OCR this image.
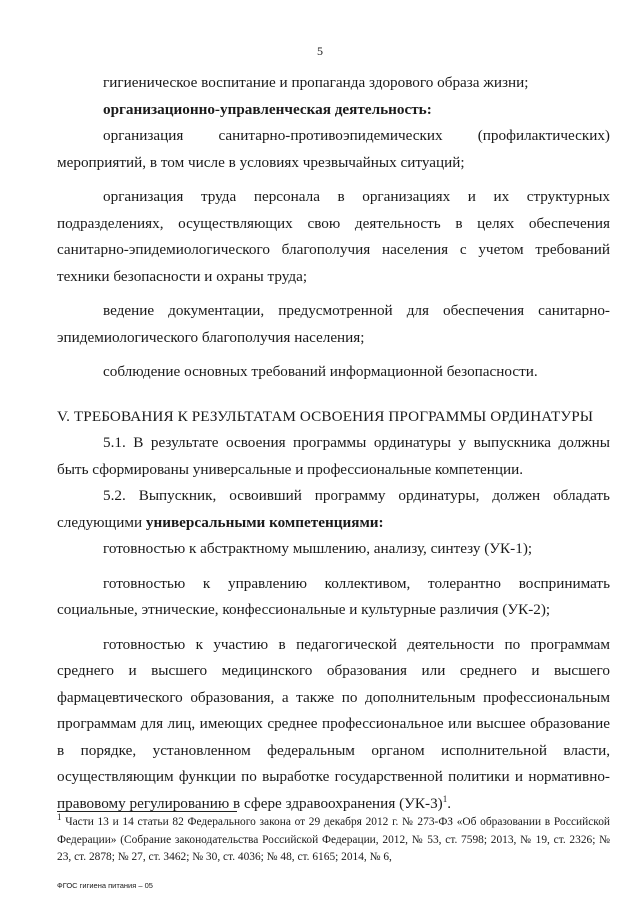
5

гигиеническое воспитание и пропаганда здорового образа жизни;

организационно-управленческая деятельность:

организация санитарно-противоэпидемических (профилактических)

мероприятий, в том числе в условиях чрезвычайных ситуаций;

организация труда персонала в организациях и их структурных подразделениях, осуществляющих свою деятельность в целях обеспечения санитарно-эпидемиологического благополучия населения с учетом требований техники безопасности и охраны труда;

ведение документации, предусмотренной для обеспечения санитарно-эпидемиологического благополучия населения;

соблюдение основных требований информационной безопасности.

V. ТРЕБОВАНИЯ К РЕЗУЛЬТАТАМ ОСВОЕНИЯ ПРОГРАММЫ ОРДИНАТУРЫ

5.1. В результате освоения программы ординатуры у выпускника должны быть сформированы универсальные и профессиональные компетенции.

5.2. Выпускник, освоивший программу ординатуры, должен обладать следующими универсальными компетенциями:

готовностью к абстрактному мышлению, анализу, синтезу (УК-1);

готовностью к управлению коллективом, толерантно воспринимать социальные, этнические, конфессиональные и культурные различия (УК-2);

готовностью к участию в педагогической деятельности по программам среднего и высшего медицинского образования или среднего и высшего фармацевтического образования, а также по дополнительным профессиональным программам для лиц, имеющих среднее профессиональное или высшее образование в порядке, установленном федеральным органом исполнительной власти, осуществляющим функции по выработке государственной политики и нормативно-правовому регулированию в сфере здравоохранения $(УК-3)^1$.

$^1$ Части 13 и 14 статьи 82 Федерального закона от 29 декабря 2012 г. № 273-ФЗ «Об образовании в Российской Федерации» (Собрание законодательства Российской Федерации, 2012, № 53, ст. 7598; 2013, № 19, ст. 2326; № 23, ст. 2878; № 27, ст. 3462; № 30, ст. 4036; № 48, ст. 6165; 2014, № 6,
ФГОС гигиена питания – 05
